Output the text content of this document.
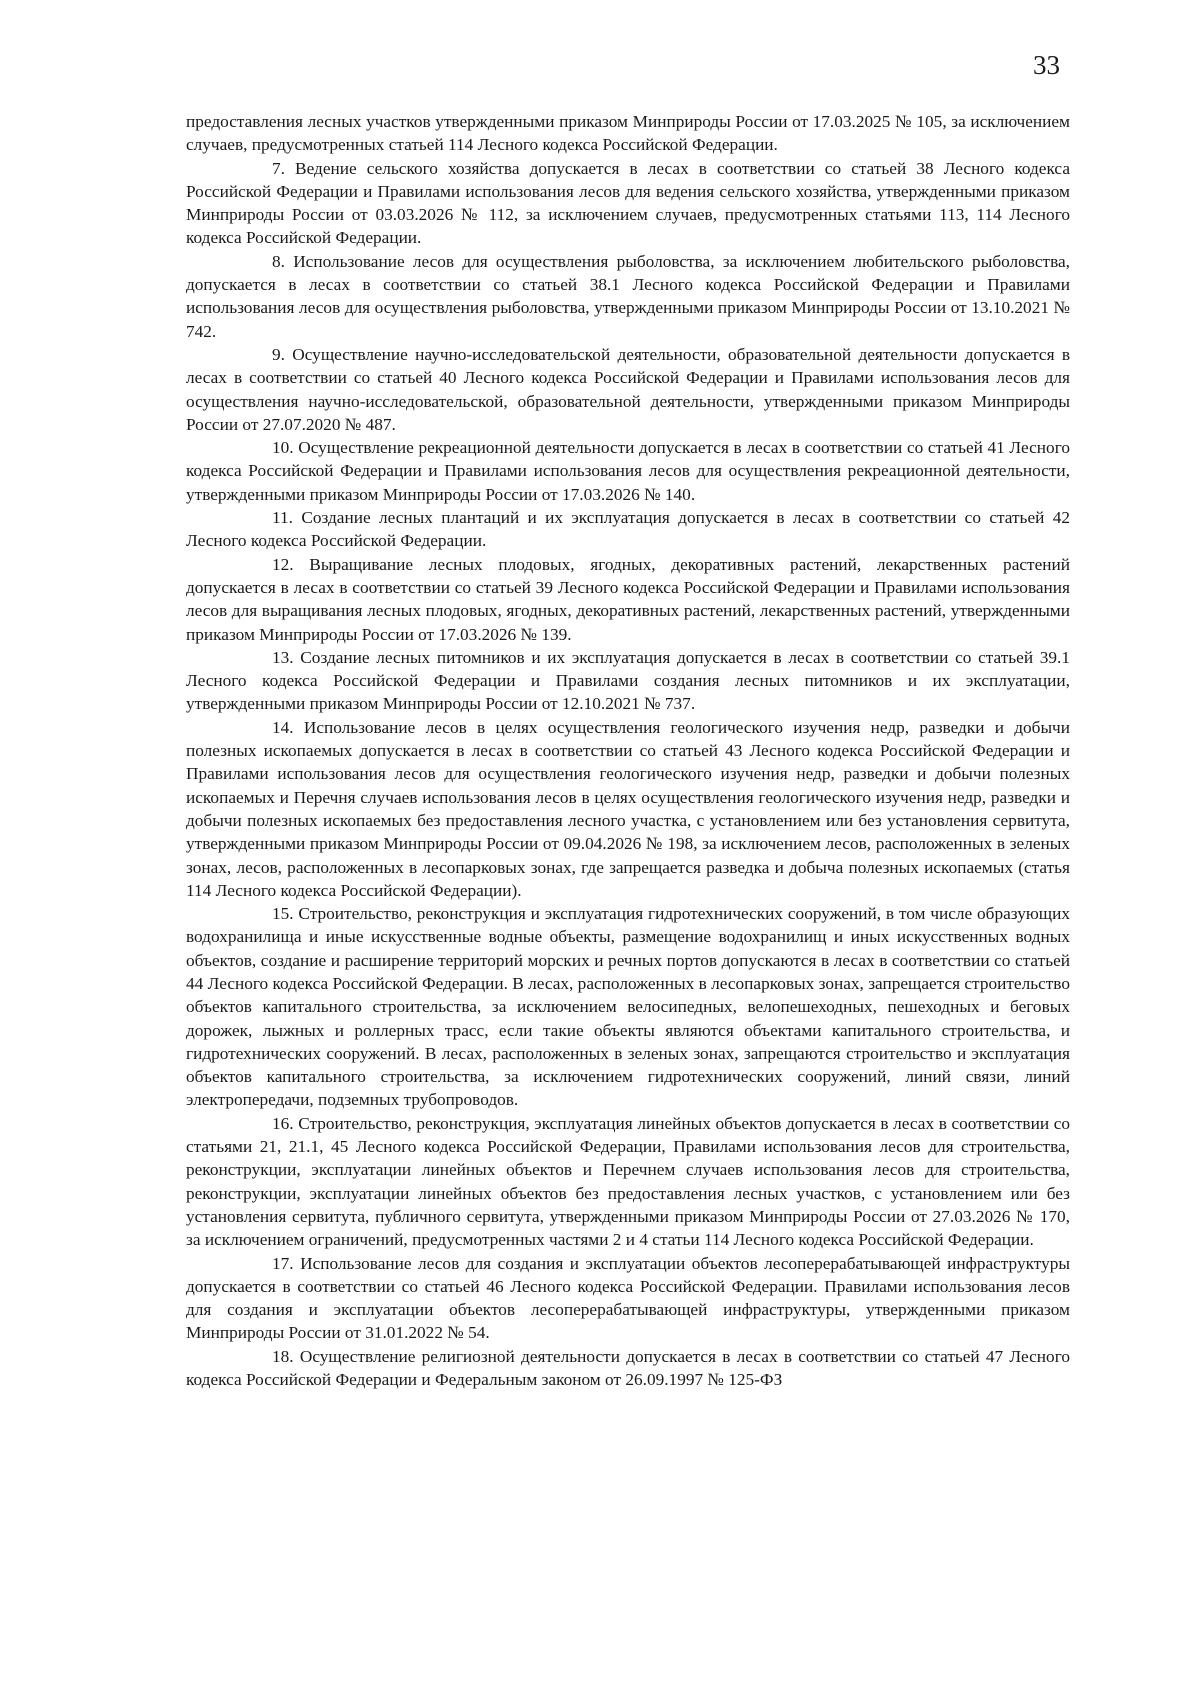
33

предоставления лесных участков утвержденными приказом Минприроды России от 17.03.2025 № 105, за исключением случаев, предусмотренных статьей 114 Лесного кодекса Российской Федерации.

7. Ведение сельского хозяйства допускается в лесах в соответствии со статьей 38 Лесного кодекса Российской Федерации и Правилами использования лесов для ведения сельского хозяйства, утвержденными приказом Минприроды России от 03.03.2026 № 112, за исключением случаев, предусмотренных статьями 113, 114 Лесного кодекса Российской Федерации.

8. Использование лесов для осуществления рыболовства, за исключением любительского рыболовства, допускается в лесах в соответствии со статьей 38.1 Лесного кодекса Российской Федерации и Правилами использования лесов для осуществления рыболовства, утвержденными приказом Минприроды России от 13.10.2021 № 742.

9. Осуществление научно-исследовательской деятельности, образовательной деятельности допускается в лесах в соответствии со статьей 40 Лесного кодекса Российской Федерации и Правилами использования лесов для осуществления научно-исследовательской, образовательной деятельности, утвержденными приказом Минприроды России от 27.07.2020 № 487.

10. Осуществление рекреационной деятельности допускается в лесах в соответствии со статьей 41 Лесного кодекса Российской Федерации и Правилами использования лесов для осуществления рекреационной деятельности, утвержденными приказом Минприроды России от 17.03.2026 № 140.

11. Создание лесных плантаций и их эксплуатация допускается в лесах в соответствии со статьей 42 Лесного кодекса Российской Федерации.

12. Выращивание лесных плодовых, ягодных, декоративных растений, лекарственных растений допускается в лесах в соответствии со статьей 39 Лесного кодекса Российской Федерации и Правилами использования лесов для выращивания лесных плодовых, ягодных, декоративных растений, лекарственных растений, утвержденными приказом Минприроды России от 17.03.2026 № 139.

13. Создание лесных питомников и их эксплуатация допускается в лесах в соответствии со статьей 39.1 Лесного кодекса Российской Федерации и Правилами создания лесных питомников и их эксплуатации, утвержденными приказом Минприроды России от 12.10.2021 № 737.

14. Использование лесов в целях осуществления геологического изучения недр, разведки и добычи полезных ископаемых допускается в лесах в соответствии со статьей 43 Лесного кодекса Российской Федерации и Правилами использования лесов для осуществления геологического изучения недр, разведки и добычи полезных ископаемых и Перечня случаев использования лесов в целях осуществления геологического изучения недр, разведки и добычи полезных ископаемых без предоставления лесного участка, с установлением или без установления сервитута, утвержденными приказом Минприроды России от 09.04.2026 № 198, за исключением лесов, расположенных в зеленых зонах, лесов, расположенных в лесопарковых зонах, где запрещается разведка и добыча полезных ископаемых (статья 114 Лесного кодекса Российской Федерации).

15. Строительство, реконструкция и эксплуатация гидротехнических сооружений, в том числе образующих водохранилища и иные искусственные водные объекты, размещение водохранилищ и иных искусственных водных объектов, создание и расширение территорий морских и речных портов допускаются в лесах в соответствии со статьей 44 Лесного кодекса Российской Федерации. В лесах, расположенных в лесопарковых зонах, запрещается строительство объектов капитального строительства, за исключением велосипедных, велопешеходных, пешеходных и беговых дорожек, лыжных и роллерных трасс, если такие объекты являются объектами капитального строительства, и гидротехнических сооружений. В лесах, расположенных в зеленых зонах, запрещаются строительство и эксплуатация объектов капитального строительства, за исключением гидротехнических сооружений, линий связи, линий электропередачи, подземных трубопроводов.

16. Строительство, реконструкция, эксплуатация линейных объектов допускается в лесах в соответствии со статьями 21, 21.1, 45 Лесного кодекса Российской Федерации, Правилами использования лесов для строительства, реконструкции, эксплуатации линейных объектов и Перечнем случаев использования лесов для строительства, реконструкции, эксплуатации линейных объектов без предоставления лесных участков, с установлением или без установления сервитута, публичного сервитута, утвержденными приказом Минприроды России от 27.03.2026 № 170, за исключением ограничений, предусмотренных частями 2 и 4 статьи 114 Лесного кодекса Российской Федерации.

17. Использование лесов для создания и эксплуатации объектов лесоперерабатывающей инфраструктуры допускается в соответствии со статьей 46 Лесного кодекса Российской Федерации. Правилами использования лесов для создания и эксплуатации объектов лесоперерабатывающей инфраструктуры, утвержденными приказом Минприроды России от 31.01.2022 № 54.

18. Осуществление религиозной деятельности допускается в лесах в соответствии со статьей 47 Лесного кодекса Российской Федерации и Федеральным законом от 26.09.1997 № 125-ФЗ
